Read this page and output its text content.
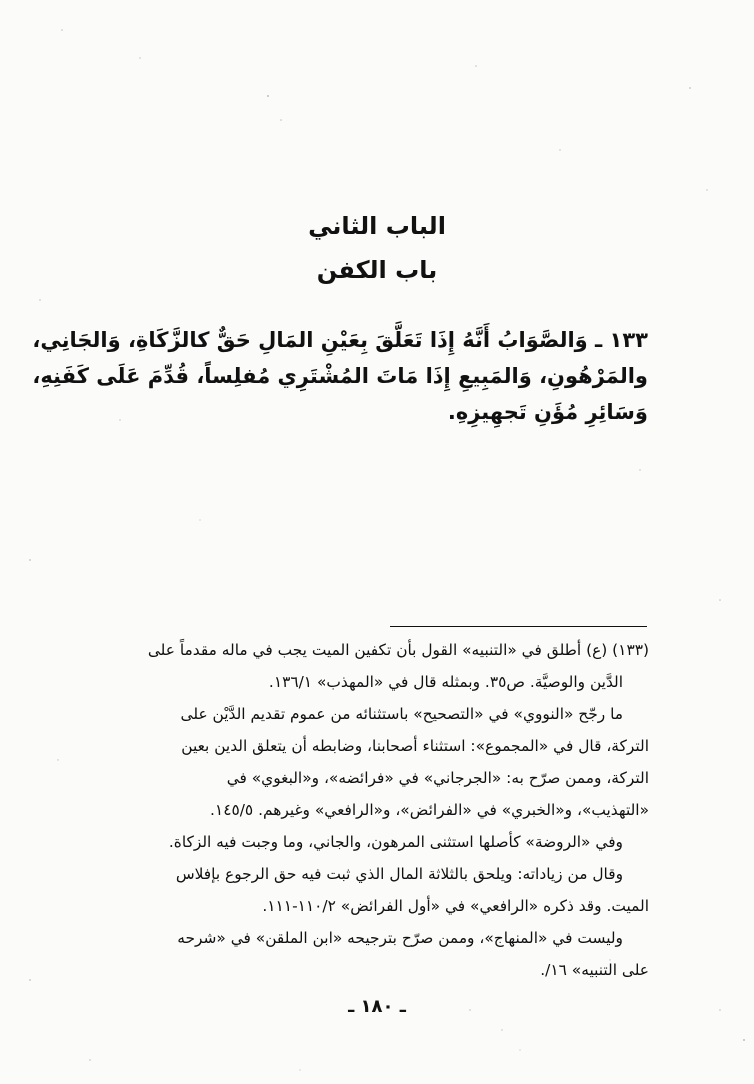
الباب الثاني
باب الكفن
١٣٣ ـ وَالصَّوَابُ أَنَّهُ إِذَا تَعَلَّقَ بِعَيْنِ المَالِ حَقٌّ كالزَّكَاةِ، وَالجَانِي،
والمَرْهُونِ، وَالمَبِيعِ إِذَا مَاتَ المُشْتَرِي مُفلِساً، قُدِّمَ عَلَى كَفَنِهِ،
وَسَائِرِ مُؤَنِ تَجهِيزِهِ.
(١٣٣) (ع) أطلق في «التنبيه» القول بأن تكفين الميت يجب في ماله مقدماً على
الدَّين والوصيَّة. ص٣٥. وبمثله قال في «المهذب» ١٣٦/١.
ما رجّح «النووي» في «التصحيح» باستثنائه من عموم تقديم الدَّيْن على
التركة، قال في «المجموع»: استثناء أصحابنا، وضابطه أن يتعلق الدين بعين
التركة، وممن صرّح به: «الجرجاني» في «فرائضه»، و«البغوي» في
«التهذيب»، و«الخبري» في «الفرائض»، و«الرافعي» وغيرهم. ١٤٥/٥.
وفي «الروضة» كأصلها استثنى المرهون، والجاني، وما وجبت فيه الزكاة.
وقال من زياداته: ويلحق بالثلاثة المال الذي ثبت فيه حق الرجوع بإفلاس
الميت. وقد ذكره «الرافعي» في «أول الفرائض» ١١٠/٢-١١١.
وليست في «المنهاج»، وممن صرّح بترجيحه «ابن الملقن» في «شرحه
على التنبيه» ١٦/.
ـ ١٨٠ ـ
